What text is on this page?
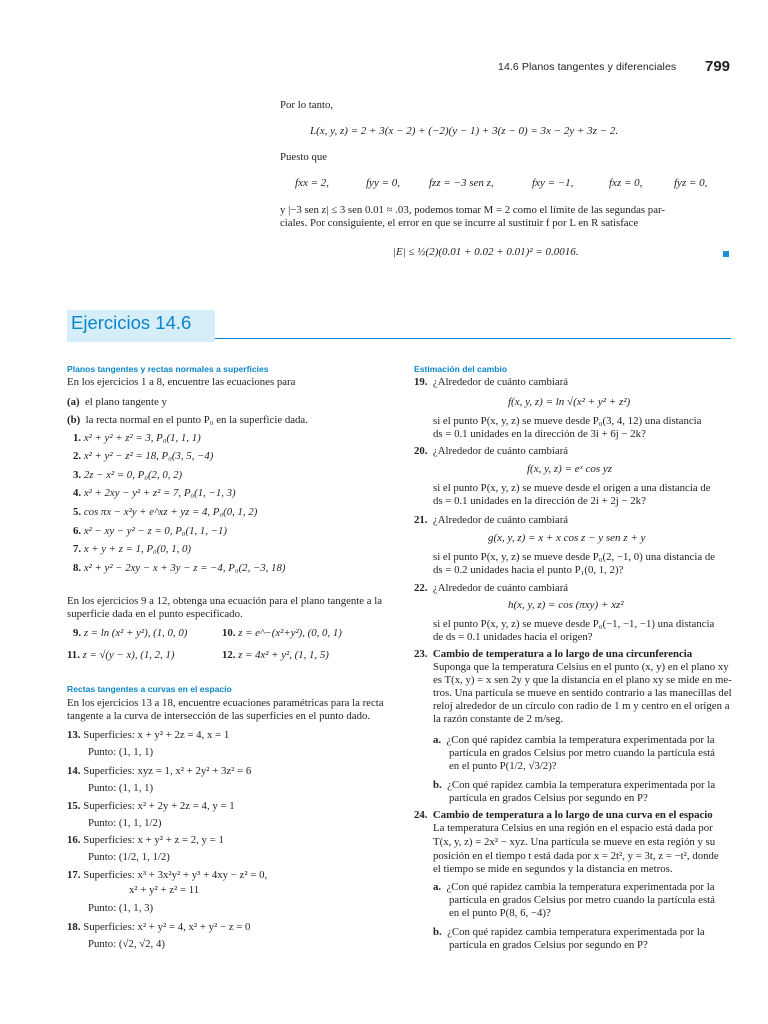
14.6 Planos tangentes y diferenciales 799
Por lo tanto,
L(x, y, z) = 2 + 3(x − 2) + (−2)(y − 1) + 3(z − 0) = 3x − 2y + 3z − 2.
Puesto que
fxx = 2,	fyy = 0,	fzz = −3 sen z,	fxy = −1,	fxz = 0,	fyz = 0,
y |−3 sen z| ≤ 3 sen 0.01 ≈ .03, podemos tomar M = 2 como el límite de las segundas par-
ciales. Por consiguiente, el error en que se incurre al sustituir f por L en R satisface
|E| ≤ ½(2)(0.01 + 0.02 + 0.01)² = 0.0016.
Ejercicios 14.6
Planos tangentes y rectas normales a superficies
En los ejercicios 1 a 8, encuentre las ecuaciones para
(a) el plano tangente y
(b) la recta normal en el punto P₀ en la superficie dada.
1. x² + y² + z² = 3, P₀(1, 1, 1)
2. x² + y² − z² = 18, P₀(3, 5, −4)
3. 2z − x² = 0, P₀(2, 0, 2)
4. x² + 2xy − y² + z² = 7, P₀(1, −1, 3)
5. cos πx − x²y + e^xz + yz = 4, P₀(0, 1, 2)
6. x² − xy − y² − z = 0, P₀(1, 1, −1)
7. x + y + z = 1, P₀(0, 1, 0)
8. x² + y² − 2xy − x + 3y − z = −4, P₀(2, −3, 18)
En los ejercicios 9 a 12, obtenga una ecuación para el plano tangente a la
superficie dada en el punto especificado.
9. z = ln (x² + y²), (1, 0, 0)	10. z = e^−(x²+y²), (0, 0, 1)
11. z = √(y − x), (1, 2, 1)	12. z = 4x² + y², (1, 1, 5)
Rectas tangentes a curvas en el espacio
En los ejercicios 13 a 18, encuentre ecuaciones paramétricas para la recta
tangente a la curva de intersección de las superficies en el punto dado.
13. Superficies: x + y² + 2z = 4, x = 1
Punto: (1, 1, 1)
14. Superficies: xyz = 1, x² + 2y² + 3z² = 6
Punto: (1, 1, 1)
15. Superficies: x² + 2y + 2z = 4, y = 1
Punto: (1, 1, 1/2)
16. Superficies: x + y² + z = 2, y = 1
Punto: (1/2, 1, 1/2)
17. Superficies: x³ + 3x²y² + y³ + 4xy − z² = 0,
x² + y² + z² = 11
Punto: (1, 1, 3)
18. Superficies: x² + y² = 4, x² + y² − z = 0
Punto: (√2, √2, 4)
Estimación del cambio
19. ¿Alrededor de cuánto cambiará
f(x, y, z) = ln √(x² + y² + z²)
si el punto P(x, y, z) se mueve desde P₀(3, 4, 12) una distancia
ds = 0.1 unidades en la dirección de 3i + 6j − 2k?
20. ¿Alrededor de cuánto cambiará
f(x, y, z) = eˣ cos yz
si el punto P(x, y, z) se mueve desde el origen a una distancia de
ds = 0.1 unidades en la dirección de 2i + 2j − 2k?
21. ¿Alrededor de cuánto cambiará
g(x, y, z) = x + x cos z − y sen z + y
si el punto P(x, y, z) se mueve desde P₀(2, −1, 0) una distancia de
ds = 0.2 unidades hacia el punto P₁(0, 1, 2)?
22. ¿Alrededor de cuánto cambiará
h(x, y, z) = cos (πxy) + xz²
si el punto P(x, y, z) se mueve desde P₀(−1, −1, −1) una distancia
de ds = 0.1 unidades hacia el origen?
23. Cambio de temperatura a lo largo de una circunferencia
Suponga que la temperatura Celsius en el punto (x, y) en el plano xy
es T(x, y) = x sen 2y y que la distancia en el plano xy se mide en me-
tros. Una partícula se mueve en sentido contrario a las manecillas del
reloj alrededor de un círculo con radio de 1 m y centro en el origen a
la razón constante de 2 m/seg.
a. ¿Con qué rapidez cambia la temperatura experimentada por la
partícula en grados Celsius por metro cuando la partícula está
en el punto P(1/2, √3/2)?
b. ¿Con qué rapidez cambia la temperatura experimentada por la
partícula en grados Celsius por segundo en P?
24. Cambio de temperatura a lo largo de una curva en el espacio
La temperatura Celsius en una región en el espacio está dada por
T(x, y, z) = 2x² − xyz. Una partícula se mueve en esta región y su
posición en el tiempo t está dada por x = 2t², y = 3t, z = −t², donde
el tiempo se mide en segundos y la distancia en metros.
a. ¿Con qué rapidez cambia la temperatura experimentada por la
partícula en grados Celsius por metro cuando la partícula está
en el punto P(8, 6, −4)?
b. ¿Con qué rapidez cambia temperatura experimentada por la
partícula en grados Celsius por segundo en P?
